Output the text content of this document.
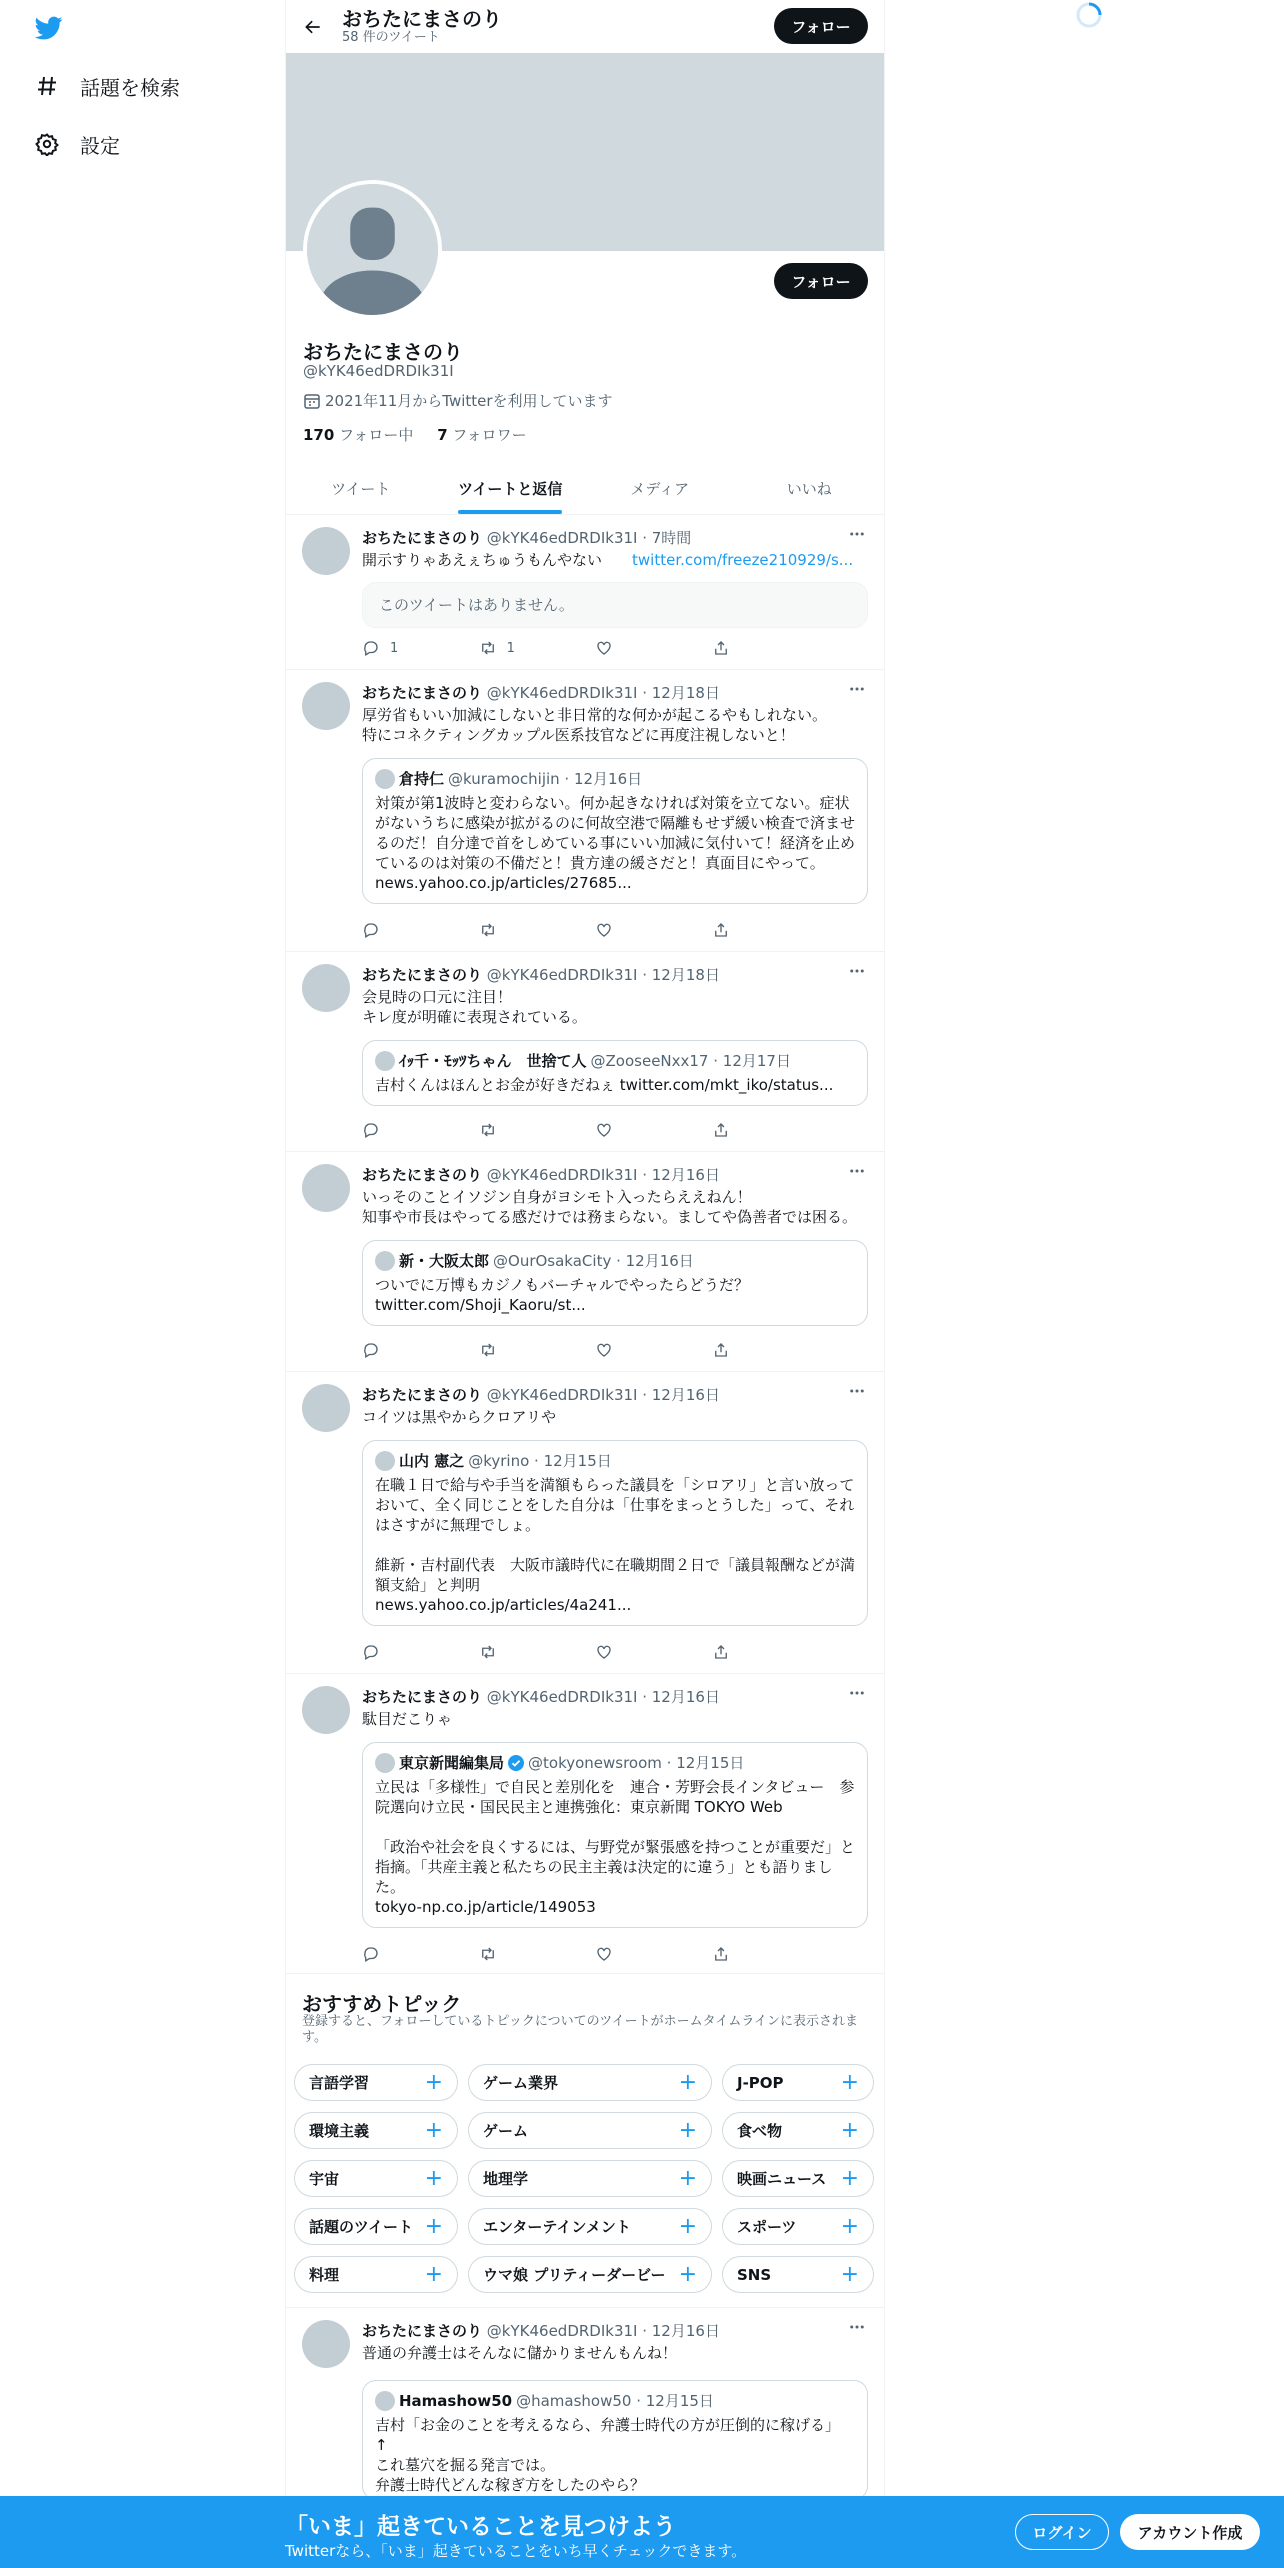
話題を検索
設定
おちたにまさのり
58 件のツイート
フォロー
フォロー
おちたにまさのり
@kYK46edDRDIk31I
2021年11月からTwitterを利用しています
170 フォロー中 7 フォロワー
ツイート	ツイートと返信	メディア	いいね
おちたにまさのり @kYK46edDRDIk31I · 7時間
開示すりゃあえぇちゅうもんやない　　 twitter.com/freeze210929/s...
このツイートはありません。
1	1
おちたにまさのり @kYK46edDRDIk31I · 12月18日
厚労省もいい加減にしないと非日常的な何かが起こるやもしれない。
特にコネクティングカップル医系技官などに再度注視しないと！
倉持仁 @kuramochijin · 12月16日
対策が第1波時と変わらない。何か起きなければ対策を立てない。症状がないうちに感染が拡がるのに何故空港で隔離もせず緩い検査で済ませるのだ！自分達で首をしめている事にいい加減に気付いて！経済を止めているのは対策の不備だと！貴方達の緩さだと！真面目にやって。
news.yahoo.co.jp/articles/27685...
おちたにまさのり @kYK46edDRDIk31I · 12月18日
会見時の口元に注目！
キレ度が明確に表現されている。
ｲｯ千・ﾓｯﾂちゃん　世捨て人 @ZooseeNxx17 · 12月17日
吉村くんはほんとお金が好きだねぇ twitter.com/mkt_iko/status...
おちたにまさのり @kYK46edDRDIk31I · 12月16日
いっそのことイソジン自身がヨシモト入ったらええねん！
知事や市長はやってる感だけでは務まらない。ましてや偽善者では困る。
新・大阪太郎 @OurOsakaCity · 12月16日
ついでに万博もカジノもバーチャルでやったらどうだ？
twitter.com/Shoji_Kaoru/st...
おちたにまさのり @kYK46edDRDIk31I · 12月16日
コイツは黒やからクロアリや
山内 憲之 @kyrino · 12月15日
在職１日で給与や手当を満額もらった議員を「シロアリ」と言い放っておいて、全く同じことをした自分は「仕事をまっとうした」って、それはさすがに無理でしょ。

維新・吉村副代表　大阪市議時代に在職期間２日で「議員報酬などが満額支給」と判明
news.yahoo.co.jp/articles/4a241...
おちたにまさのり @kYK46edDRDIk31I · 12月16日
駄目だこりゃ
東京新聞編集局 @tokyonewsroom · 12月15日
立民は「多様性」で自民と差別化を　連合・芳野会長インタビュー　参院選向け立民・国民民主と連携強化：東京新聞 TOKYO Web

「政治や社会を良くするには、与野党が緊張感を持つことが重要だ」と指摘。「共産主義と私たちの民主主義は決定的に違う」とも語りました。
tokyo-np.co.jp/article/149053
おすすめトピック
登録すると、フォローしているトピックについてのツイートがホームタイムラインに表示されます。
言語学習	+	ゲーム業界	+	J-POP	+
環境主義	+	ゲーム	+	食べ物	+
宇宙	+	地理学	+	映画ニュース +
話題のツイート +	エンターテインメント +	スポーツ +
料理	+	ウマ娘 プリティーダービー +	SNS	+
おちたにまさのり @kYK46edDRDIk31I · 12月16日
普通の弁護士はそんなに儲かりませんもんね！
Hamashow50 @hamashow50 · 12月15日
吉村「お金のことを考えるなら、弁護士時代の方が圧倒的に稼げる」
↑
これ墓穴を掘る発言では。
弁護士時代どんな稼ぎ方をしたのやら？
「いま」起きていることを見つけよう
Twitterなら、「いま」起きていることをいち早くチェックできます。
ログイン	アカウント作成
